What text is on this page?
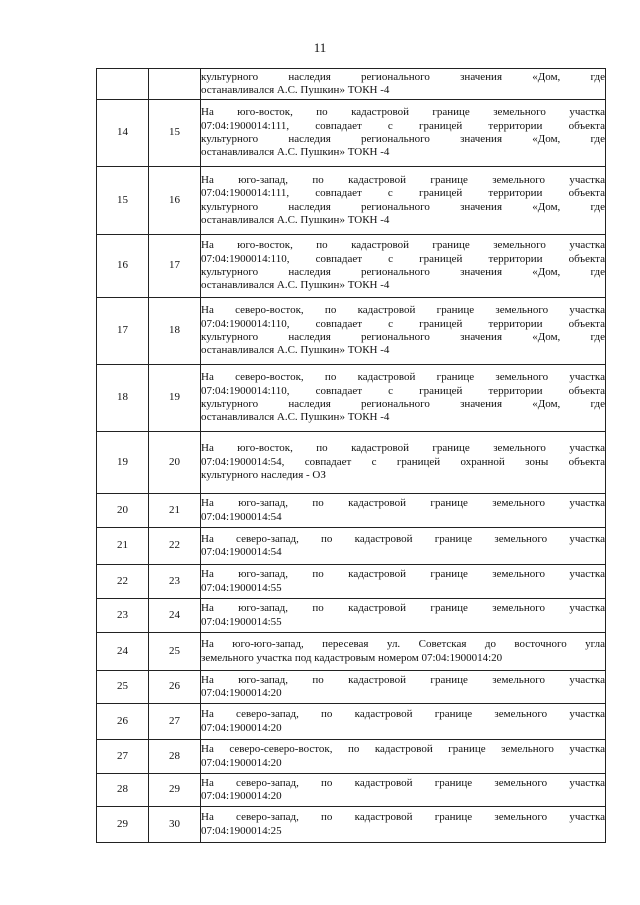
11

		культурного наследия регионального значения «Дом, где
останавливался А.С. Пушкин» ТОКН -4

14	15	На юго-восток, по кадастровой границе земельного участка
07:04:1900014:111, совпадает с границей территории объекта
культурного наследия регионального значения «Дом, где
останавливался А.С. Пушкин» ТОКН -4

15	16	На юго-запад, по кадастровой границе земельного участка
07:04:1900014:111, совпадает с границей территории объекта
культурного наследия регионального значения «Дом, где
останавливался А.С. Пушкин» ТОКН -4

16	17	На юго-восток, по кадастровой границе земельного участка
07:04:1900014:110, совпадает с границей территории объекта
культурного наследия регионального значения «Дом, где
останавливался А.С. Пушкин» ТОКН -4

17	18	На северо-восток, по кадастровой границе земельного участка
07:04:1900014:110, совпадает с границей территории объекта
культурного наследия регионального значения «Дом, где
останавливался А.С. Пушкин» ТОКН -4

18	19	На северо-восток, по кадастровой границе земельного участка
07:04:1900014:110, совпадает с границей территории объекта
культурного наследия регионального значения «Дом, где
останавливался А.С. Пушкин» ТОКН -4

19	20	На юго-восток, по кадастровой границе земельного участка
07:04:1900014:54, совпадает с границей охранной зоны объекта
культурного наследия - ОЗ

20	21	На юго-запад, по кадастровой границе земельного участка
07:04:1900014:54

21	22	На северо-запад, по кадастровой границе земельного участка
07:04:1900014:54

22	23	На юго-запад, по кадастровой границе земельного участка
07:04:1900014:55

23	24	На юго-запад, по кадастровой границе земельного участка
07:04:1900014:55

24	25	На юго-юго-запад, пересевая ул. Советская до восточного угла
земельного участка под кадастровым номером 07:04:1900014:20

25	26	На юго-запад, по кадастровой границе земельного участка
07:04:1900014:20

26	27	На северо-запад, по кадастровой границе земельного участка
07:04:1900014:20

27	28	На северо-северо-восток, по кадастровой границе земельного участка
07:04:1900014:20

28	29	На северо-запад, по кадастровой границе земельного участка
07:04:1900014:20

29	30	На северо-запад, по кадастровой границе земельного участка
07:04:1900014:25
